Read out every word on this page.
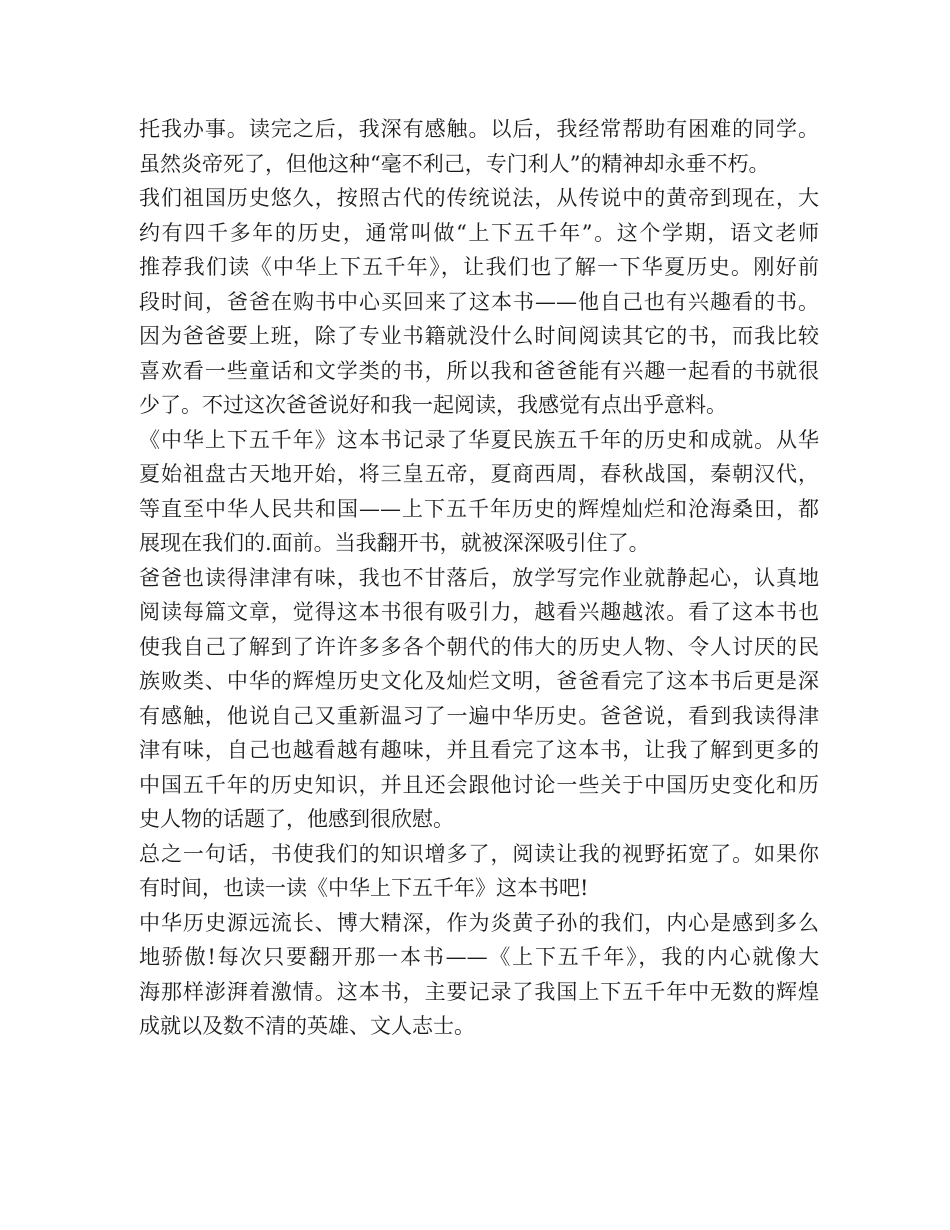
托我办事。读完之后，我深有感触。以后，我经常帮助有困难的同学。
虽然炎帝死了，但他这种“毫不利己，专门利人”的精神却永垂不朽。
我们祖国历史悠久，按照古代的传统说法，从传说中的黄帝到现在，大
约有四千多年的历史，通常叫做“上下五千年”。这个学期，语文老师
推荐我们读《中华上下五千年》，让我们也了解一下华夏历史。刚好前
段时间，爸爸在购书中心买回来了这本书——他自己也有兴趣看的书。
因为爸爸要上班，除了专业书籍就没什么时间阅读其它的书，而我比较
喜欢看一些童话和文学类的书，所以我和爸爸能有兴趣一起看的书就很
少了。不过这次爸爸说好和我一起阅读，我感觉有点出乎意料。
《中华上下五千年》这本书记录了华夏民族五千年的历史和成就。从华
夏始祖盘古天地开始，将三皇五帝，夏商西周，春秋战国，秦朝汉代，
等直至中华人民共和国——上下五千年历史的辉煌灿烂和沧海桑田，都
展现在我们的.面前。当我翻开书，就被深深吸引住了。
爸爸也读得津津有味，我也不甘落后，放学写完作业就静起心，认真地
阅读每篇文章，觉得这本书很有吸引力，越看兴趣越浓。看了这本书也
使我自己了解到了许许多多各个朝代的伟大的历史人物、令人讨厌的民
族败类、中华的辉煌历史文化及灿烂文明，爸爸看完了这本书后更是深
有感触，他说自己又重新温习了一遍中华历史。爸爸说，看到我读得津
津有味，自己也越看越有趣味，并且看完了这本书，让我了解到更多的
中国五千年的历史知识，并且还会跟他讨论一些关于中国历史变化和历
史人物的话题了，他感到很欣慰。
总之一句话，书使我们的知识增多了，阅读让我的视野拓宽了。如果你
有时间，也读一读《中华上下五千年》这本书吧!
中华历史源远流长、博大精深，作为炎黄子孙的我们，内心是感到多么
地骄傲!每次只要翻开那一本书——《上下五千年》，我的内心就像大
海那样澎湃着激情。这本书，主要记录了我国上下五千年中无数的辉煌
成就以及数不清的英雄、文人志士。
